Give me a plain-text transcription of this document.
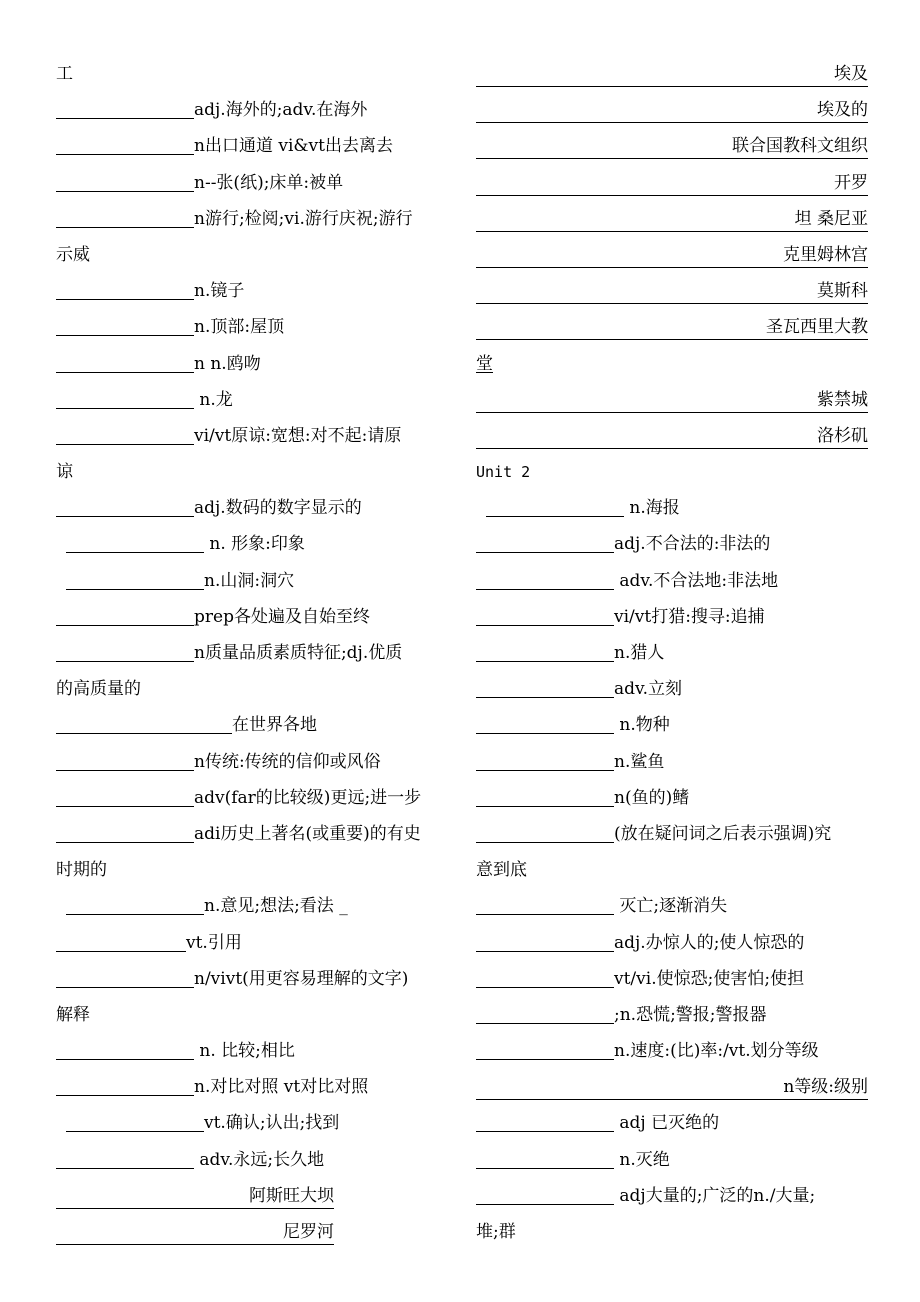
工
adj.海外的;adv.在海外
n出口通道 vi&vt出去离去
n--张(纸);床单:被单
n游行;检阅;vi.游行庆祝;游行
示威
n.镜子
n.顶部:屋顶
n n.鸥吻
n.龙
vi/vt原谅:宽想:对不起:请原
谅
adj.数码的数字显示的
n. 形象:印象
n.山洞:洞穴
prep各处遍及自始至终
n质量品质素质特征;dj.优质
的高质量的
在世界各地
n传统:传统的信仰或风俗
adv(far的比较级)更远;进一步
adi历史上著名(或重要)的有史
时期的
n.意见;想法;看法 _
vt.引用
n/vivt(用更容易理解的文字)
解释
n. 比较;相比
n.对比对照 vt对比对照
vt.确认;认出;找到
adv.永远;长久地
阿斯旺大坝
尼罗河
埃及
埃及的
联合国教科文组织
开罗
坦 桑尼亚
克里姆林宫
莫斯科
圣瓦西里大教
堂
紫禁城
洛杉矶
Unit 2
n.海报
adj.不合法的:非法的
adv.不合法地:非法地
vi/vt打猎:搜寻:追捕
n.猎人
adv.立刻
n.物种
n.鲨鱼
n(鱼的)鳍
(放在疑问词之后表示强调)究
意到底
灭亡;逐渐消失
adj.办惊人的;使人惊恐的
vt/vi.使惊恐;使害怕;使担
;n.恐慌;警报;警报器
n.速度:(比)率:/vt.划分等级
n等级:级别
adj 已灭绝的
n.灭绝
adj大量的;广泛的n./大量;
堆;群
